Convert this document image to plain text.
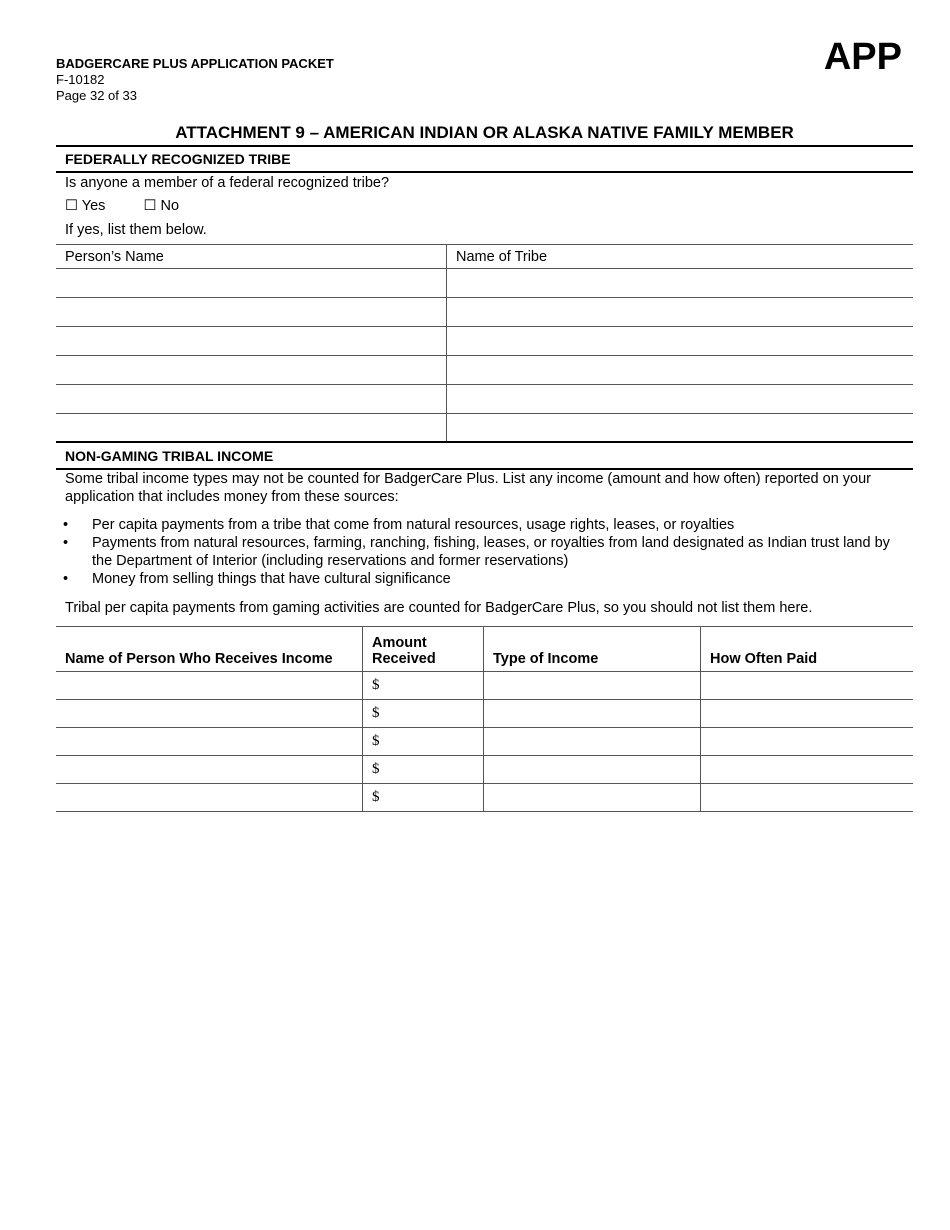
BADGERCARE PLUS APPLICATION PACKET
F-10182
Page 32 of 33
APP
ATTACHMENT 9 – AMERICAN INDIAN OR ALASKA NATIVE FAMILY MEMBER
FEDERALLY RECOGNIZED TRIBE
Is anyone a member of a federal recognized tribe?
☐ Yes	☐ No
If yes, list them below.
Person’s Name	Name of Tribe

NON-GAMING TRIBAL INCOME
Some tribal income types may not be counted for BadgerCare Plus. List any income (amount and how often) reported on your application that includes money from these sources:
• Per capita payments from a tribe that come from natural resources, usage rights, leases, or royalties
• Payments from natural resources, farming, ranching, fishing, leases, or royalties from land designated as Indian trust land by the Department of Interior (including reservations and former reservations)
• Money from selling things that have cultural significance
Tribal per capita payments from gaming activities are counted for BadgerCare Plus, so you should not list them here.
Name of Person Who Receives Income	Amount Received	Type of Income	How Often Paid
	$		
	$		
	$		
	$		
	$		
